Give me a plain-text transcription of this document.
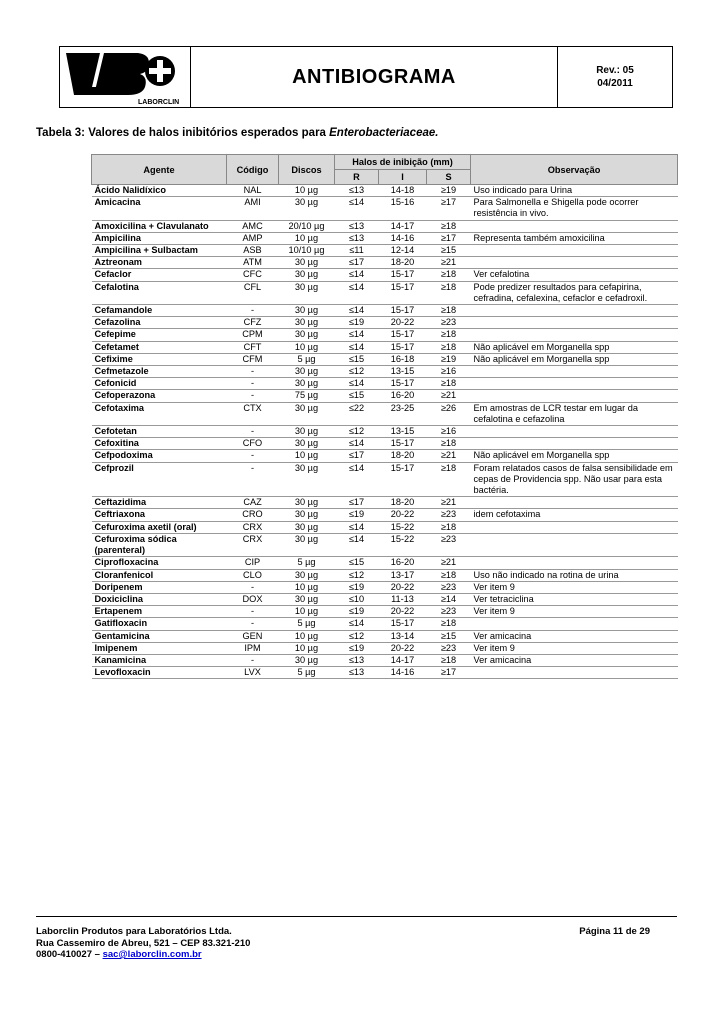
LABORCLIN
	ANTIBIOGRAMA	Rev.: 05
04/2011
Tabela 3: Valores de halos inibitórios esperados para Enterobacteriaceae.
Agente	Código	Discos	Halos de inibição (mm)			Observação
			R	I	S	
Ácido Nalidíxico	NAL	10 µg	≤13	14-18	≥19	Uso indicado para Urina
Amicacina	AMI	30 µg	≤14	15-16	≥17	Para Salmonella e Shigella pode ocorrer resistência in vivo.
Amoxicilina + Clavulanato	AMC	20/10 µg	≤13	14-17	≥18	
Ampicilina	AMP	10 µg	≤13	14-16	≥17	Representa também amoxicilina
Ampicilina + Sulbactam	ASB	10/10 µg	≤11	12-14	≥15	
Aztreonam	ATM	30 µg	≤17	18-20	≥21	
Cefaclor	CFC	30 µg	≤14	15-17	≥18	Ver cefalotina
Cefalotina	CFL	30 µg	≤14	15-17	≥18	Pode predizer resultados para cefapirina, cefradina, cefalexina, cefaclor e cefadroxil.
Cefamandole	-	30 µg	≤14	15-17	≥18	
Cefazolina	CFZ	30 µg	≤19	20-22	≥23	
Cefepime	CPM	30 µg	≤14	15-17	≥18	
Cefetamet	CFT	10 µg	≤14	15-17	≥18	Não aplicável em Morganella spp
Cefixime	CFM	5 µg	≤15	16-18	≥19	Não aplicável em Morganella spp
Cefmetazole	-	30 µg	≤12	13-15	≥16	
Cefonicid	-	30 µg	≤14	15-17	≥18	
Cefoperazona	-	75 µg	≤15	16-20	≥21	
Cefotaxima	CTX	30 µg	≤22	23-25	≥26	Em amostras de LCR testar em lugar da cefalotina e cefazolina
Cefotetan	-	30 µg	≤12	13-15	≥16	
Cefoxitina	CFO	30 µg	≤14	15-17	≥18	
Cefpodoxima	-	10 µg	≤17	18-20	≥21	Não aplicável em Morganella spp
Cefprozil	-	30 µg	≤14	15-17	≥18	Foram relatados casos de falsa sensibilidade em cepas de Providencia spp. Não usar para esta bactéria.
Ceftazidima	CAZ	30 µg	≤17	18-20	≥21	
Ceftriaxona	CRO	30 µg	≤19	20-22	≥23	idem cefotaxima
Cefuroxima axetil (oral)	CRX	30 µg	≤14	15-22	≥18	
Cefuroxima sódica (parenteral)	CRX	30 µg	≤14	15-22	≥23	
Ciprofloxacina	CIP	5 µg	≤15	16-20	≥21	
Cloranfenicol	CLO	30 µg	≤12	13-17	≥18	Uso não indicado na rotina de urina
Doripenem	-	10 µg	≤19	20-22	≥23	Ver item 9
Doxiciclina	DOX	30 µg	≤10	11-13	≥14	Ver tetraciclina
Ertapenem	-	10 µg	≤19	20-22	≥23	Ver item 9
Gatifloxacin	-	5 µg	≤14	15-17	≥18	
Gentamicina	GEN	10 µg	≤12	13-14	≥15	Ver amicacina
Imipenem	IPM	10 µg	≤19	20-22	≥23	Ver item 9
Kanamicina	-	30 µg	≤13	14-17	≥18	Ver amicacina
Levofloxacin	LVX	5 µg	≤13	14-16	≥17	
Laborclin Produtos para Laboratórios Ltda.
Rua Cassemiro de Abreu, 521 – CEP 83.321-210
0800-410027 – sac@laborclin.com.br
Página 11 de 29
